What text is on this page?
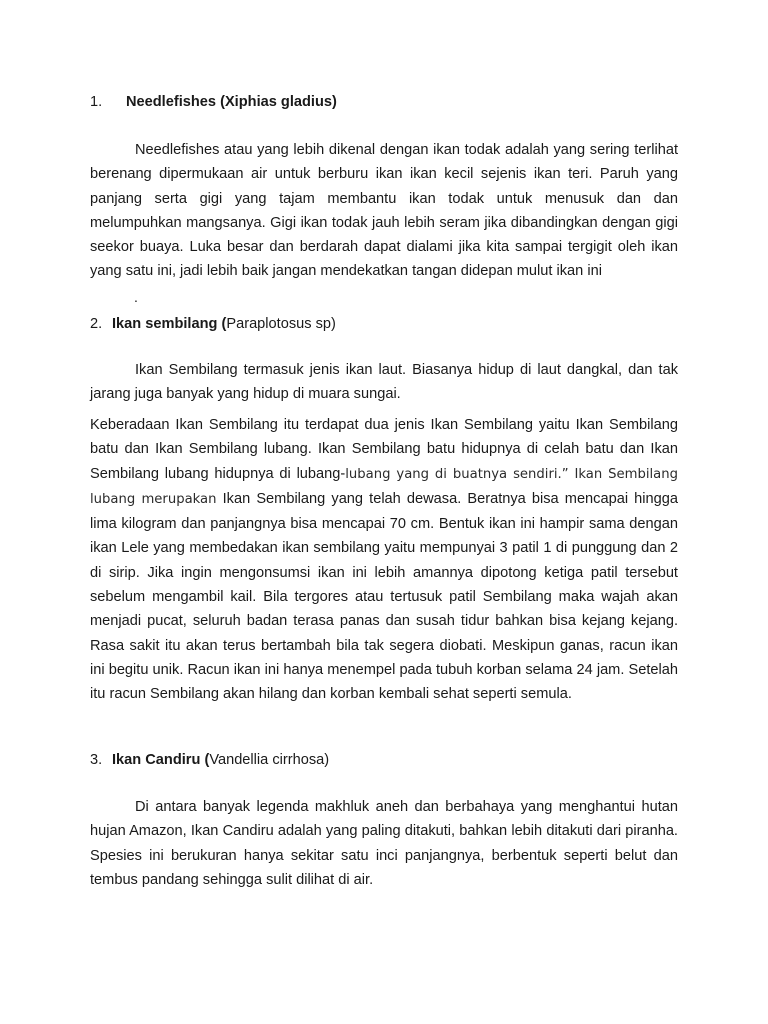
1. Needlefishes (Xiphias gladius)

Needlefishes atau yang lebih dikenal dengan ikan todak adalah yang sering terlihat berenang dipermukaan air untuk berburu ikan ikan kecil sejenis ikan teri. Paruh yang panjang serta gigi yang tajam membantu ikan todak untuk menusuk dan dan melumpuhkan mangsanya. Gigi ikan todak jauh lebih seram jika dibandingkan dengan gigi seekor buaya. Luka besar dan berdarah dapat dialami jika kita sampai tergigit oleh ikan yang satu ini, jadi lebih baik jangan mendekatkan tangan didepan mulut ikan ini

.
2. Ikan sembilang (Paraplotosus sp)

Ikan Sembilang termasuk jenis ikan laut. Biasanya hidup di laut dangkal, dan tak jarang juga banyak yang hidup di muara sungai.

Keberadaan Ikan Sembilang itu terdapat dua jenis Ikan Sembilang yaitu Ikan Sembilang batu dan Ikan Sembilang lubang. Ikan Sembilang batu hidupnya di celah batu dan Ikan Sembilang lubang hidupnya di lubang-lubang yang di buatnya sendiri.” Ikan Sembilang lubang merupakan Ikan Sembilang yang telah dewasa. Beratnya bisa mencapai hingga lima kilogram dan panjangnya bisa mencapai 70 cm. Bentuk ikan ini hampir sama dengan ikan Lele yang membedakan ikan sembilang yaitu mempunyai 3 patil 1 di punggung dan 2 di sirip. Jika ingin mengonsumsi ikan ini lebih amannya dipotong ketiga patil tersebut sebelum mengambil kail. Bila tergores atau tertusuk patil Sembilang maka wajah akan menjadi pucat, seluruh badan terasa panas dan susah tidur bahkan bisa kejang kejang. Rasa sakit itu akan terus bertambah bila tak segera diobati. Meskipun ganas, racun ikan ini begitu unik. Racun ikan ini hanya menempel pada tubuh korban selama 24 jam. Setelah itu racun Sembilang akan hilang dan korban kembali sehat seperti semula.

3. Ikan Candiru (Vandellia cirrhosa)

Di antara banyak legenda makhluk aneh dan berbahaya yang menghantui hutan hujan Amazon, Ikan Candiru adalah yang paling ditakuti, bahkan lebih ditakuti dari piranha. Spesies ini berukuran hanya sekitar satu inci panjangnya, berbentuk seperti belut dan tembus pandang sehingga sulit dilihat di air.
